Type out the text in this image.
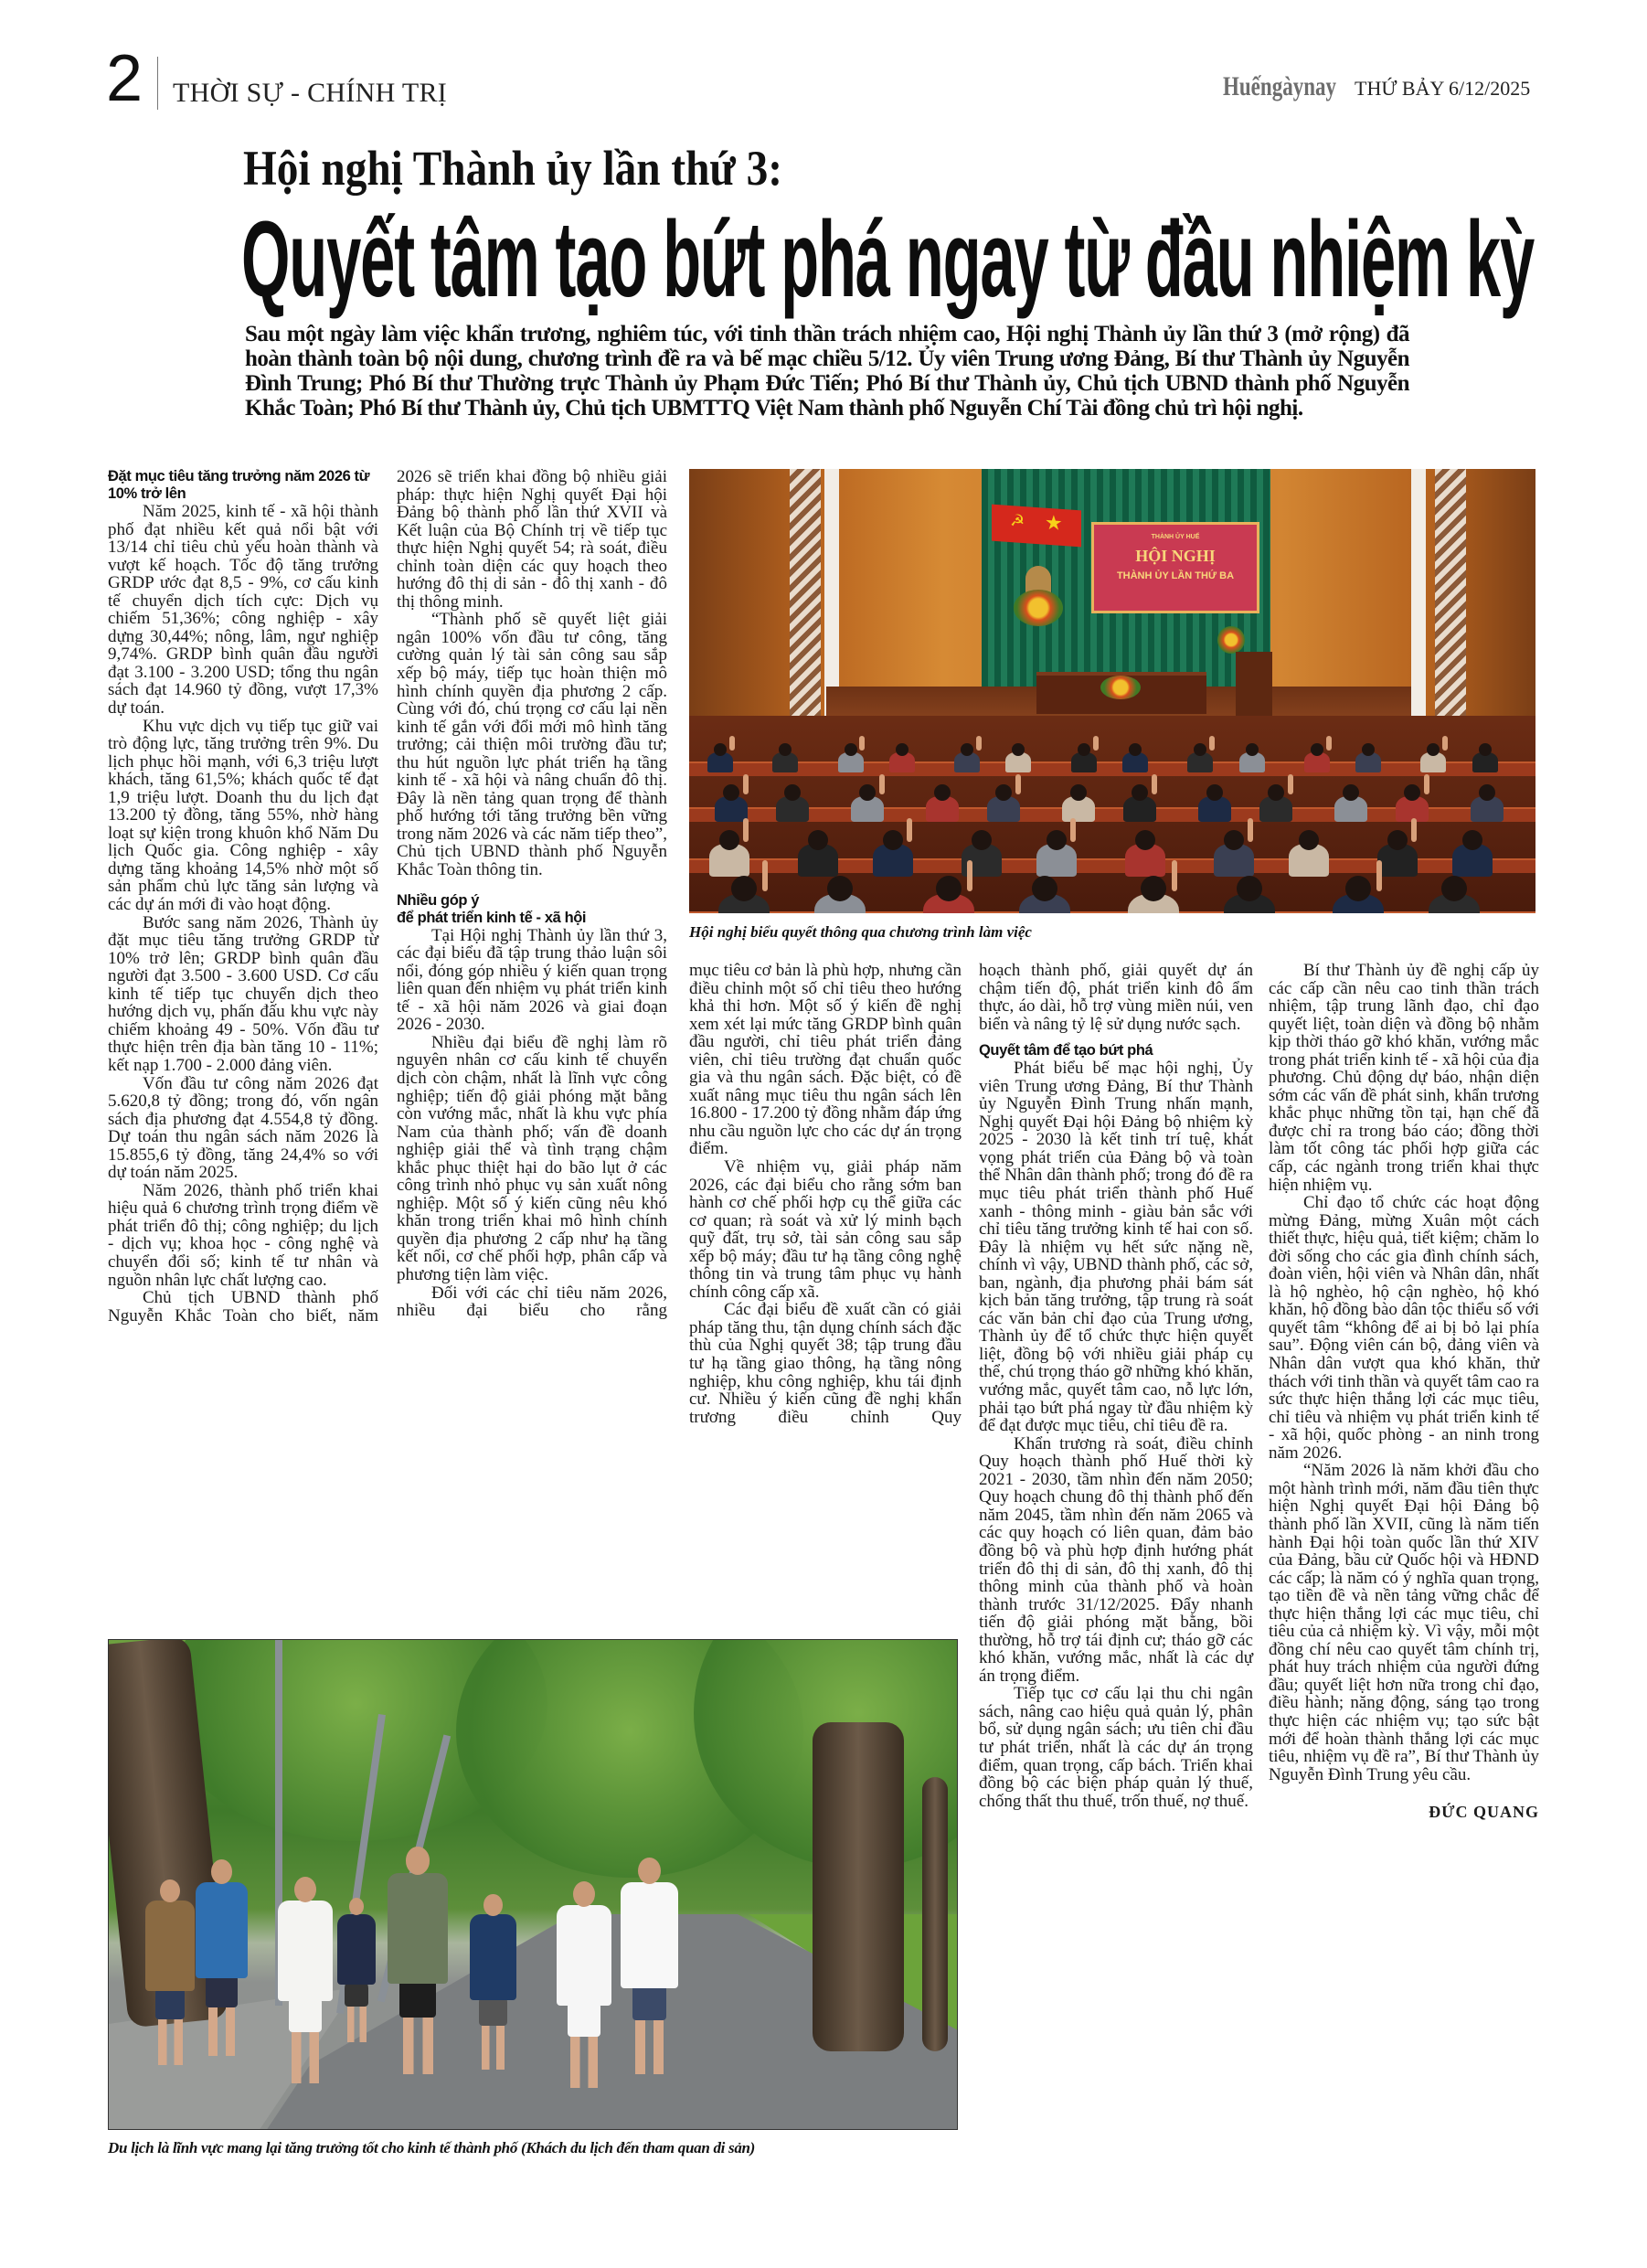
2 THỜI SỰ - CHÍNH TRỊ	Huếngàynay THỨ BẢY 6/12/2025
Hội nghị Thành ủy lần thứ 3:
Quyết tâm tạo bứt phá ngay từ đầu nhiệm kỳ
Sau một ngày làm việc khẩn trương, nghiêm túc, với tinh thần trách nhiệm cao, Hội nghị Thành ủy lần thứ 3 (mở rộng) đã hoàn thành toàn bộ nội dung, chương trình đề ra và bế mạc chiều 5/12. Ủy viên Trung ương Đảng, Bí thư Thành ủy Nguyễn Đình Trung; Phó Bí thư Thường trực Thành ủy Phạm Đức Tiến; Phó Bí thư Thành ủy, Chủ tịch UBND thành phố Nguyễn Khắc Toàn; Phó Bí thư Thành ủy, Chủ tịch UBMTTQ Việt Nam thành phố Nguyễn Chí Tài đồng chủ trì hội nghị.
Đặt mục tiêu tăng trưởng năm 2026 từ 10% trở lên

Năm 2025, kinh tế - xã hội thành phố đạt nhiều kết quả nổi bật với 13/14 chỉ tiêu chủ yếu hoàn thành và vượt kế hoạch. Tốc độ tăng trưởng GRDP ước đạt 8,5 - 9%, cơ cấu kinh tế chuyển dịch tích cực: Dịch vụ chiếm 51,36%; công nghiệp - xây dựng 30,44%; nông, lâm, ngư nghiệp 9,74%. GRDP bình quân đầu người đạt 3.100 - 3.200 USD; tổng thu ngân sách đạt 14.960 tỷ đồng, vượt 17,3% dự toán.

Khu vực dịch vụ tiếp tục giữ vai trò động lực, tăng trưởng trên 9%. Du lịch phục hồi mạnh, với 6,3 triệu lượt khách, tăng 61,5%; khách quốc tế đạt 1,9 triệu lượt. Doanh thu du lịch đạt 13.200 tỷ đồng, tăng 55%, nhờ hàng loạt sự kiện trong khuôn khổ Năm Du lịch Quốc gia. Công nghiệp - xây dựng tăng khoảng 14,5% nhờ một số sản phẩm chủ lực tăng sản lượng và các dự án mới đi vào hoạt động.

Bước sang năm 2026, Thành ủy đặt mục tiêu tăng trưởng GRDP từ 10% trở lên; GRDP bình quân đầu người đạt 3.500 - 3.600 USD. Cơ cấu kinh tế tiếp tục chuyển dịch theo hướng dịch vụ, phấn đấu khu vực này chiếm khoảng 49 - 50%. Vốn đầu tư thực hiện trên địa bàn tăng 10 - 11%; kết nạp 1.700 - 2.000 đảng viên.

Vốn đầu tư công năm 2026 đạt 5.620,8 tỷ đồng; trong đó, vốn ngân sách địa phương đạt 4.554,8 tỷ đồng. Dự toán thu ngân sách năm 2026 là 15.855,6 tỷ đồng, tăng 24,4% so với dự toán năm 2025.

Năm 2026, thành phố triển khai hiệu quả 6 chương trình trọng điểm về phát triển đô thị; công nghiệp; du lịch - dịch vụ; khoa học - công nghệ và chuyển đổi số; kinh tế tư nhân và nguồn nhân lực chất lượng cao.

Chủ tịch UBND thành phố Nguyễn Khắc Toàn cho biết, năm

2026 sẽ triển khai đồng bộ nhiều giải pháp: thực hiện Nghị quyết Đại hội Đảng bộ thành phố lần thứ XVII và Kết luận của Bộ Chính trị về tiếp tục thực hiện Nghị quyết 54; rà soát, điều chỉnh toàn diện các quy hoạch theo hướng đô thị di sản - đô thị xanh - đô thị thông minh.

“Thành phố sẽ quyết liệt giải ngân 100% vốn đầu tư công, tăng cường quản lý tài sản công sau sắp xếp bộ máy, tiếp tục hoàn thiện mô hình chính quyền địa phương 2 cấp. Cùng với đó, chú trọng cơ cấu lại nền kinh tế gắn với đổi mới mô hình tăng trưởng; cải thiện môi trường đầu tư; thu hút nguồn lực phát triển hạ tầng kinh tế - xã hội và nâng chuẩn đô thị. Đây là nền tảng quan trọng để thành phố hướng tới tăng trưởng bền vững trong năm 2026 và các năm tiếp theo”, Chủ tịch UBND thành phố Nguyễn Khắc Toàn thông tin.

Nhiều góp ý
để phát triển kinh tế - xã hội

Tại Hội nghị Thành ủy lần thứ 3, các đại biểu đã tập trung thảo luận sôi nổi, đóng góp nhiều ý kiến quan trọng liên quan đến nhiệm vụ phát triển kinh tế - xã hội năm 2026 và giai đoạn 2026 - 2030.

Nhiều đại biểu đề nghị làm rõ nguyên nhân cơ cấu kinh tế chuyển dịch còn chậm, nhất là lĩnh vực công nghiệp; tiến độ giải phóng mặt bằng còn vướng mắc, nhất là khu vực phía Nam của thành phố; vấn đề doanh nghiệp giải thể và tình trạng chậm khắc phục thiệt hại do bão lụt ở các công trình nhỏ phục vụ sản xuất nông nghiệp. Một số ý kiến cũng nêu khó khăn trong triển khai mô hình chính quyền địa phương 2 cấp như hạ tầng kết nối, cơ chế phối hợp, phân cấp và phương tiện làm việc.

Đối với các chỉ tiêu năm 2026, nhiều đại biểu cho rằng

☭ ★
THÀNH ỦY HUẾ
HỘI NGHỊ
THÀNH ỦY LẦN THỨ BA
Hội nghị biểu quyết thông qua chương trình làm việc

mục tiêu cơ bản là phù hợp, nhưng cần điều chỉnh một số chỉ tiêu theo hướng khả thi hơn. Một số ý kiến đề nghị xem xét lại mức tăng GRDP bình quân đầu người, chỉ tiêu phát triển đảng viên, chỉ tiêu trường đạt chuẩn quốc gia và thu ngân sách. Đặc biệt, có đề xuất nâng mục tiêu thu ngân sách lên 16.800 - 17.200 tỷ đồng nhằm đáp ứng nhu cầu nguồn lực cho các dự án trọng điểm.

Về nhiệm vụ, giải pháp năm 2026, các đại biểu cho rằng sớm ban hành cơ chế phối hợp cụ thể giữa các cơ quan; rà soát và xử lý minh bạch quỹ đất, trụ sở, tài sản công sau sắp xếp bộ máy; đầu tư hạ tầng công nghệ thông tin và trung tâm phục vụ hành chính công cấp xã.

Các đại biểu đề xuất cần có giải pháp tăng thu, tận dụng chính sách đặc thù của Nghị quyết 38; tập trung đầu tư hạ tầng giao thông, hạ tầng nông nghiệp, khu công nghiệp, khu tái định cư. Nhiều ý kiến cũng đề nghị khẩn trương điều chỉnh Quy

hoạch thành phố, giải quyết dự án chậm tiến độ, phát triển kinh đô ẩm thực, áo dài, hỗ trợ vùng miền núi, ven biển và nâng tỷ lệ sử dụng nước sạch.

Quyết tâm để tạo bứt phá

Phát biểu bế mạc hội nghị, Ủy viên Trung ương Đảng, Bí thư Thành ủy Nguyễn Đình Trung nhấn mạnh, Nghị quyết Đại hội Đảng bộ nhiệm kỳ 2025 - 2030 là kết tinh trí tuệ, khát vọng phát triển của Đảng bộ và toàn thể Nhân dân thành phố; trong đó đề ra mục tiêu phát triển thành phố Huế xanh - thông minh - giàu bản sắc với chỉ tiêu tăng trưởng kinh tế hai con số. Đây là nhiệm vụ hết sức nặng nề, chính vì vậy, UBND thành phố, các sở, ban, ngành, địa phương phải bám sát kịch bản tăng trưởng, tập trung rà soát các văn bản chỉ đạo của Trung ương, Thành ủy để tổ chức thực hiện quyết liệt, đồng bộ với nhiều giải pháp cụ thể, chú trọng tháo gỡ những khó khăn, vướng mắc, quyết tâm cao, nỗ lực lớn, phải tạo bứt phá ngay từ đầu nhiệm kỳ để đạt được mục tiêu, chỉ tiêu đề ra.

Khẩn trương rà soát, điều chỉnh Quy hoạch thành phố Huế thời kỳ 2021 - 2030, tầm nhìn đến năm 2050; Quy hoạch chung đô thị thành phố đến năm 2045, tầm nhìn đến năm 2065 và các quy hoạch có liên quan, đảm bảo đồng bộ và phù hợp định hướng phát triển đô thị di sản, đô thị xanh, đô thị thông minh của thành phố và hoàn thành trước 31/12/2025. Đẩy nhanh tiến độ giải phóng mặt bằng, bồi thường, hỗ trợ tái định cư; tháo gỡ các khó khăn, vướng mắc, nhất là các dự án trọng điểm.

Tiếp tục cơ cấu lại thu chi ngân sách, nâng cao hiệu quả quản lý, phân bổ, sử dụng ngân sách; ưu tiên chi đầu tư phát triển, nhất là các dự án trọng điểm, quan trọng, cấp bách. Triển khai đồng bộ các biện pháp quản lý thuế, chống thất thu thuế, trốn thuế, nợ thuế.

Bí thư Thành ủy đề nghị cấp ủy các cấp cần nêu cao tinh thần trách nhiệm, tập trung lãnh đạo, chỉ đạo quyết liệt, toàn diện và đồng bộ nhằm kịp thời tháo gỡ khó khăn, vướng mắc trong phát triển kinh tế - xã hội của địa phương. Chủ động dự báo, nhận diện sớm các vấn đề phát sinh, khẩn trương khắc phục những tồn tại, hạn chế đã được chỉ ra trong báo cáo; đồng thời làm tốt công tác phối hợp giữa các cấp, các ngành trong triển khai thực hiện nhiệm vụ.

Chỉ đạo tổ chức các hoạt động mừng Đảng, mừng Xuân một cách thiết thực, hiệu quả, tiết kiệm; chăm lo đời sống cho các gia đình chính sách, đoàn viên, hội viên và Nhân dân, nhất là hộ nghèo, hộ cận nghèo, hộ khó khăn, hộ đồng bào dân tộc thiểu số với quyết tâm “không để ai bị bỏ lại phía sau”. Động viên cán bộ, đảng viên và Nhân dân vượt qua khó khăn, thử thách với tinh thần và quyết tâm cao ra sức thực hiện thắng lợi các mục tiêu, chỉ tiêu và nhiệm vụ phát triển kinh tế - xã hội, quốc phòng - an ninh trong năm 2026.

“Năm 2026 là năm khởi đầu cho một hành trình mới, năm đầu tiên thực hiện Nghị quyết Đại hội Đảng bộ thành phố lần XVII, cũng là năm tiến hành Đại hội toàn quốc lần thứ XIV của Đảng, bầu cử Quốc hội và HĐND các cấp; là năm có ý nghĩa quan trọng, tạo tiền đề và nền tảng vững chắc để thực hiện thắng lợi các mục tiêu, chỉ tiêu của cả nhiệm kỳ. Vì vậy, mỗi một đồng chí nêu cao quyết tâm chính trị, phát huy trách nhiệm của người đứng đầu; quyết liệt hơn nữa trong chỉ đạo, điều hành; năng động, sáng tạo trong thực hiện các nhiệm vụ; tạo sức bật mới để hoàn thành thắng lợi các mục tiêu, nhiệm vụ đề ra”, Bí thư Thành ủy Nguyễn Đình Trung yêu cầu.

ĐỨC QUANG
Du lịch là lĩnh vực mang lại tăng trưởng tốt cho kinh tế thành phố (Khách du lịch đến tham quan di sản)
